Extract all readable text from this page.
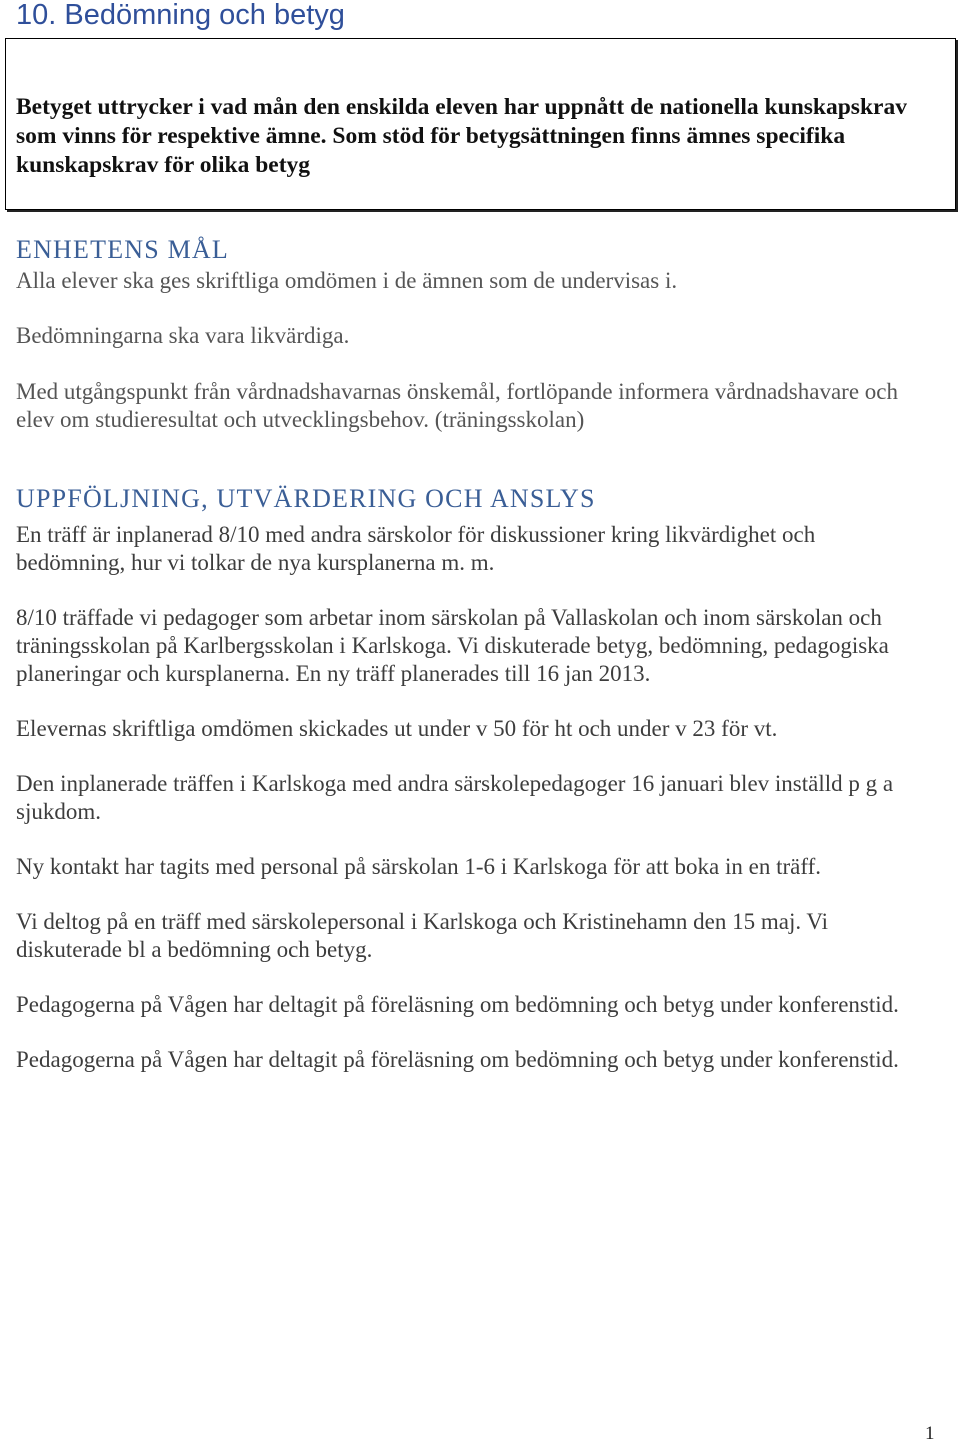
10. Bedömning och betyg
Betyget uttrycker i vad mån den enskilda eleven har uppnått de nationella kunskapskrav
som vinns för respektive ämne. Som stöd för betygsättningen finns ämnes specifika
kunskapskrav för olika betyg
ENHETENS MÅL
Alla elever ska ges skriftliga omdömen i de ämnen som de undervisas i.
Bedömningarna ska vara likvärdiga.
Med utgångspunkt från vårdnadshavarnas önskemål, fortlöpande informera vårdnadshavare och
elev om studieresultat och utvecklingsbehov. (träningsskolan)
UPPFÖLJNING, UTVÄRDERING OCH ANSLYS
En träff är inplanerad 8/10 med andra särskolor för diskussioner kring likvärdighet och
bedömning, hur vi tolkar de nya kursplanerna m. m.
8/10 träffade vi pedagoger som arbetar inom särskolan på Vallaskolan och inom särskolan och
träningsskolan på Karlbergsskolan i Karlskoga. Vi diskuterade betyg, bedömning, pedagogiska
planeringar och kursplanerna. En ny träff planerades till 16 jan 2013.
Elevernas skriftliga omdömen skickades ut under v 50 för ht och under v 23 för vt.
Den inplanerade träffen i Karlskoga med andra särskolepedagoger 16 januari blev inställd p g a
sjukdom.
Ny kontakt har tagits med personal på särskolan 1-6 i Karlskoga för att boka in en träff.
Vi deltog på en träff med särskolepersonal i Karlskoga och Kristinehamn den 15 maj. Vi
diskuterade bl a bedömning och betyg.
Pedagogerna på Vågen har deltagit på föreläsning om bedömning och betyg under konferenstid.
Pedagogerna på Vågen har deltagit på föreläsning om bedömning och betyg under konferenstid.
1
